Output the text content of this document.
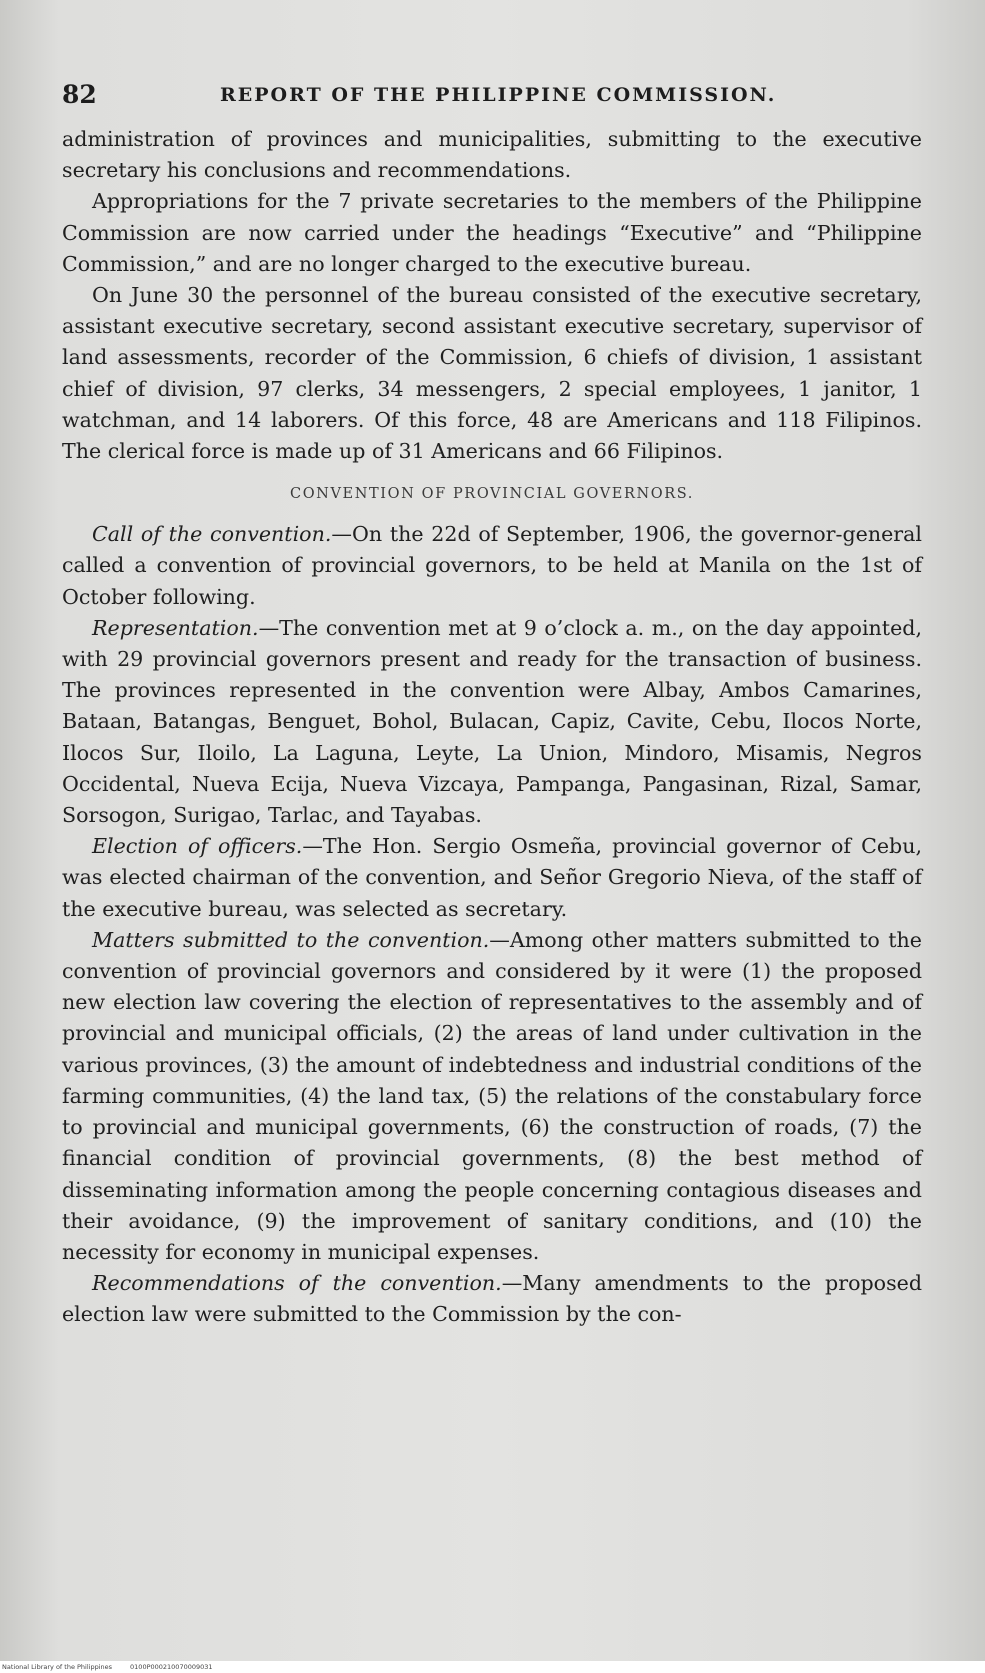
82	REPORT OF THE PHILIPPINE COMMISSION.

administration of provinces and municipalities, submitting to the executive secretary his conclusions and recommendations.

Appropriations for the 7 private secretaries to the members of the Philippine Commission are now carried under the headings “Executive” and “Philippine Commission,” and are no longer charged to the executive bureau.

On June 30 the personnel of the bureau consisted of the executive secretary, assistant executive secretary, second assistant executive secretary, supervisor of land assessments, recorder of the Commission, 6 chiefs of division, 1 assistant chief of division, 97 clerks, 34 messengers, 2 special employees, 1 janitor, 1 watchman, and 14 laborers. Of this force, 48 are Americans and 118 Filipinos. The clerical force is made up of 31 Americans and 66 Filipinos.

CONVENTION OF PROVINCIAL GOVERNORS.

Call of the convention.—On the 22d of September, 1906, the governor-general called a convention of provincial governors, to be held at Manila on the 1st of October following.

Representation.—The convention met at 9 o’clock a. m., on the day appointed, with 29 provincial governors present and ready for the transaction of business. The provinces represented in the convention were Albay, Ambos Camarines, Bataan, Batangas, Benguet, Bohol, Bulacan, Capiz, Cavite, Cebu, Ilocos Norte, Ilocos Sur, Iloilo, La Laguna, Leyte, La Union, Mindoro, Misamis, Negros Occidental, Nueva Ecija, Nueva Vizcaya, Pampanga, Pangasinan, Rizal, Samar, Sorsogon, Surigao, Tarlac, and Tayabas.

Election of officers.—The Hon. Sergio Osmeña, provincial governor of Cebu, was elected chairman of the convention, and Señor Gregorio Nieva, of the staff of the executive bureau, was selected as secretary.

Matters submitted to the convention.—Among other matters submitted to the convention of provincial governors and considered by it were (1) the proposed new election law covering the election of representatives to the assembly and of provincial and municipal officials, (2) the areas of land under cultivation in the various provinces, (3) the amount of indebtedness and industrial conditions of the farming communities, (4) the land tax, (5) the relations of the constabulary force to provincial and municipal governments, (6) the construction of roads, (7) the financial condition of provincial governments, (8) the best method of disseminating information among the people concerning contagious diseases and their avoidance, (9) the improvement of sanitary conditions, and (10) the necessity for economy in municipal expenses.

Recommendations of the convention.—Many amendments to the proposed election law were submitted to the Commission by the con-

National Library of the Philippines	0100P000210070009031
